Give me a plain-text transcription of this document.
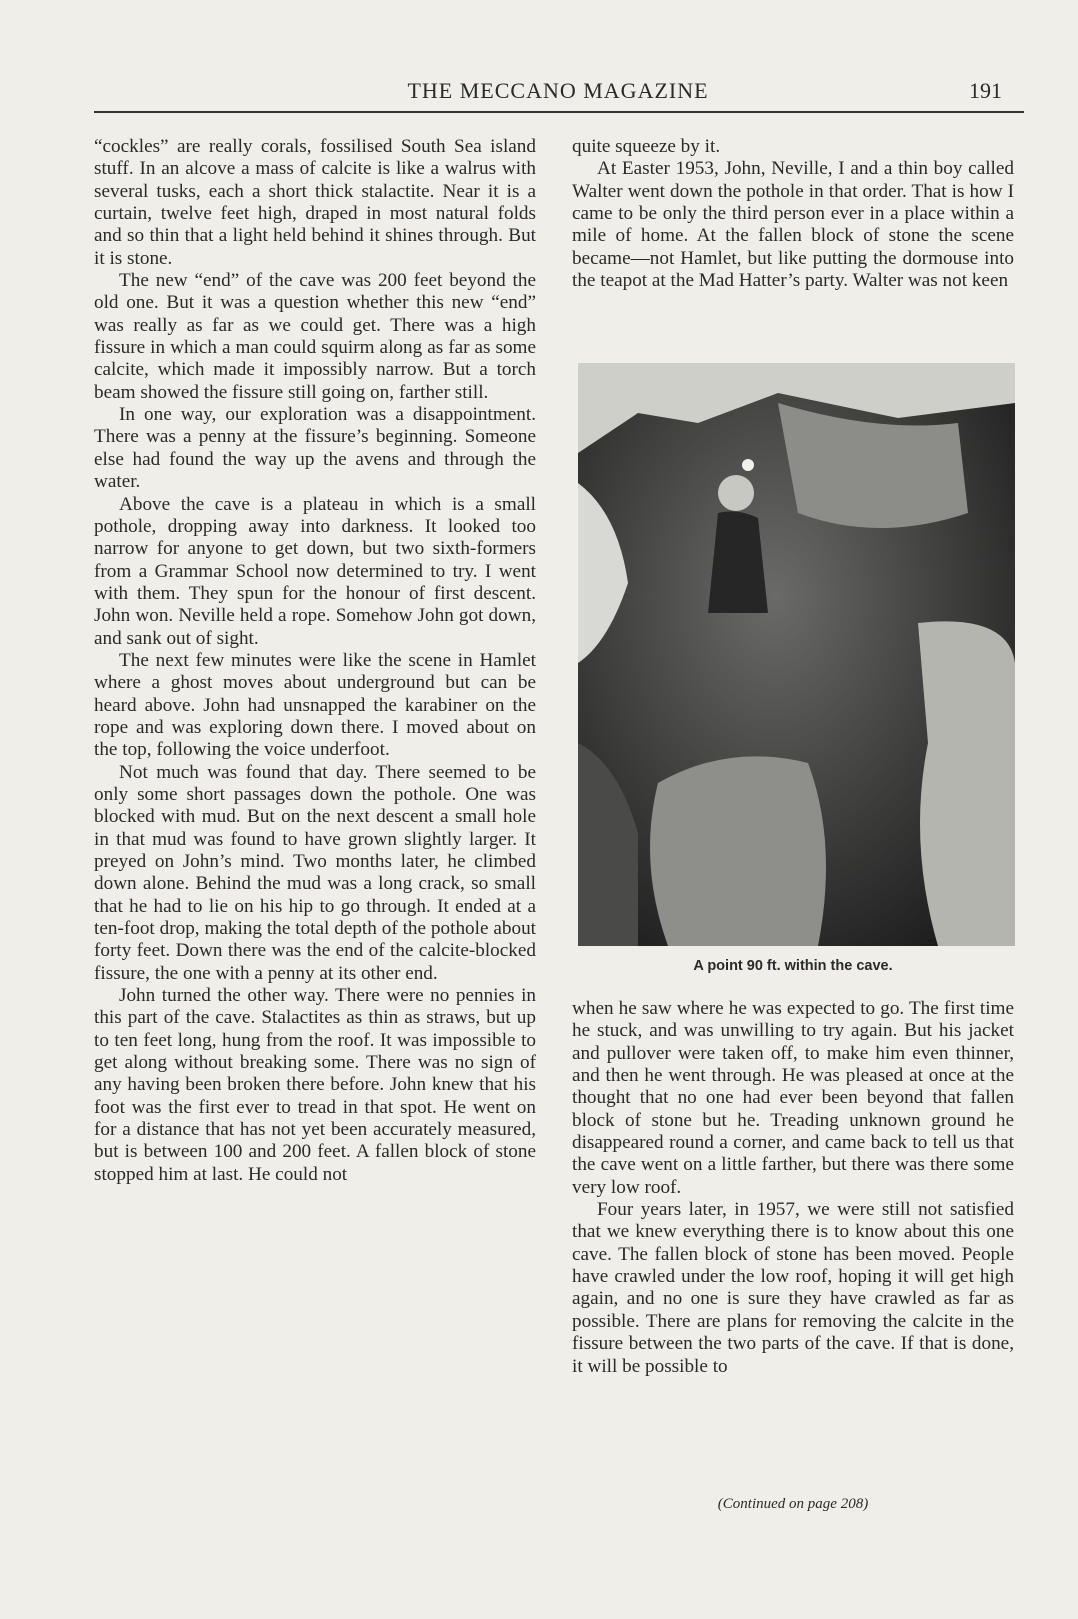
THE MECCANO MAGAZINE	191

“cockles” are really corals, fossilised South Sea island stuff. In an alcove a mass of calcite is like a walrus with several tusks, each a short thick stalactite. Near it is a curtain, twelve feet high, draped in most natural folds and so thin that a light held behind it shines through. But it is stone.

The new “end” of the cave was 200 feet beyond the old one. But it was a question whether this new “end” was really as far as we could get. There was a high fissure in which a man could squirm along as far as some calcite, which made it impossibly narrow. But a torch beam showed the fissure still going on, farther still.

In one way, our exploration was a disappointment. There was a penny at the fissure’s beginning. Someone else had found the way up the avens and through the water.

Above the cave is a plateau in which is a small pothole, dropping away into darkness. It looked too narrow for anyone to get down, but two sixth-formers from a Grammar School now determined to try. I went with them. They spun for the honour of first descent. John won. Neville held a rope. Somehow John got down, and sank out of sight.

The next few minutes were like the scene in Hamlet where a ghost moves about underground but can be heard above. John had unsnapped the karabiner on the rope and was exploring down there. I moved about on the top, following the voice underfoot.

Not much was found that day. There seemed to be only some short passages down the pothole. One was blocked with mud. But on the next descent a small hole in that mud was found to have grown slightly larger. It preyed on John’s mind. Two months later, he climbed down alone. Behind the mud was a long crack, so small that he had to lie on his hip to go through. It ended at a ten-foot drop, making the total depth of the pothole about forty feet. Down there was the end of the calcite-blocked fissure, the one with a penny at its other end.

John turned the other way. There were no pennies in this part of the cave. Stalactites as thin as straws, but up to ten feet long, hung from the roof. It was impossible to get along without breaking some. There was no sign of any having been broken there before. John knew that his foot was the first ever to tread in that spot. He went on for a distance that has not yet been accurately measured, but is between 100 and 200 feet. A fallen block of stone stopped him at last. He could not

quite squeeze by it.

At Easter 1953, John, Neville, I and a thin boy called Walter went down the pothole in that order. That is how I came to be only the third person ever in a place within a mile of home. At the fallen block of stone the scene became—not Hamlet, but like putting the dormouse into the teapot at the Mad Hatter’s party. Walter was not keen

A point 90 ft. within the cave.

when he saw where he was expected to go. The first time he stuck, and was unwilling to try again. But his jacket and pullover were taken off, to make him even thinner, and then he went through. He was pleased at once at the thought that no one had ever been beyond that fallen block of stone but he. Treading unknown ground he disappeared round a corner, and came back to tell us that the cave went on a little farther, but there was there some very low roof.

Four years later, in 1957, we were still not satisfied that we knew everything there is to know about this one cave. The fallen block of stone has been moved. People have crawled under the low roof, hoping it will get high again, and no one is sure they have crawled as far as possible. There are plans for removing the calcite in the fissure between the two parts of the cave. If that is done, it will be possible to

(Continued on page 208)
